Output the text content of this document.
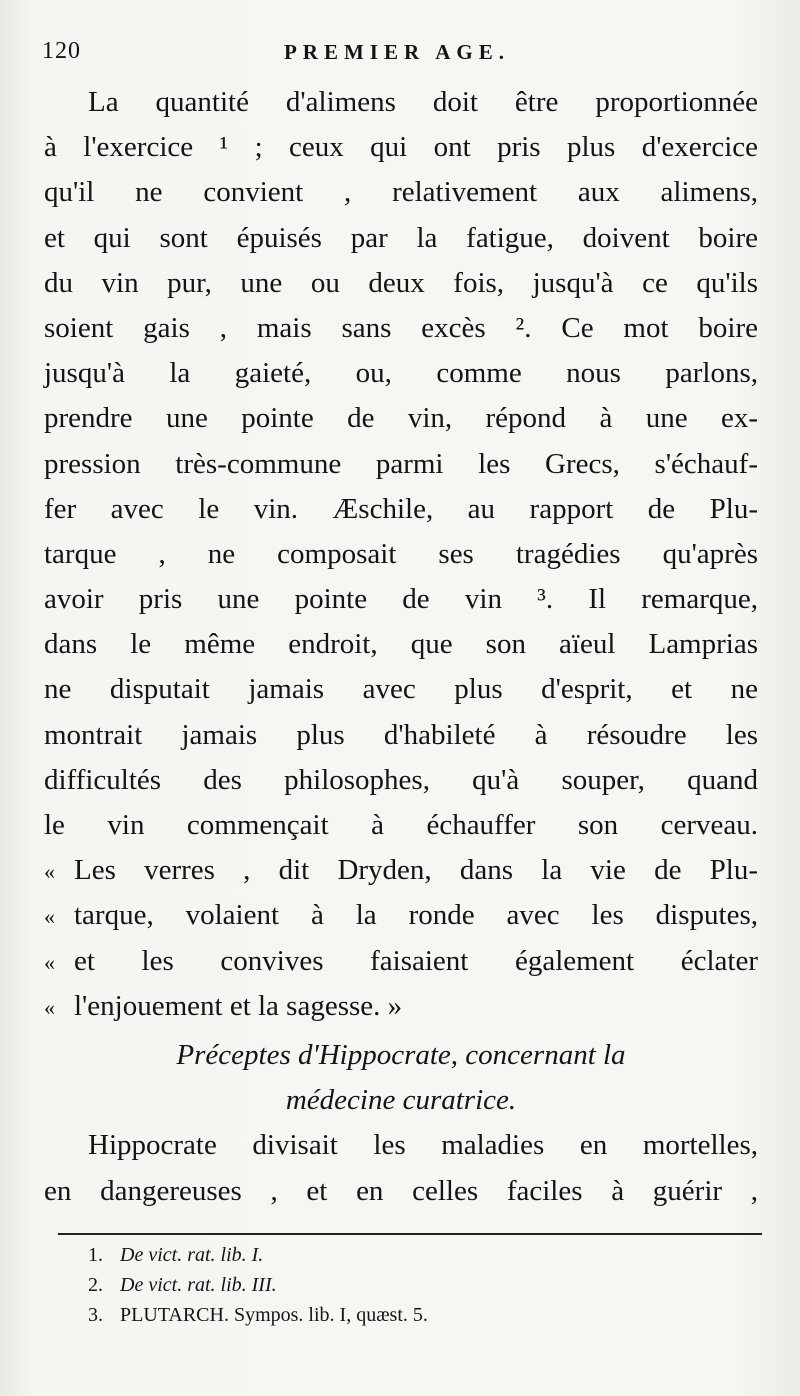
120	PREMIER AGE.
La quantité d'alimens doit être proportionnée
à l'exercice ¹ ; ceux qui ont pris plus d'exercice
qu'il ne convient , relativement aux alimens,
et qui sont épuisés par la fatigue, doivent boire
du vin pur, une ou deux fois, jusqu'à ce qu'ils
soient gais , mais sans excès ². Ce mot boire
jusqu'à la gaieté, ou, comme nous parlons,
prendre une pointe de vin, répond à une ex-
pression très-commune parmi les Grecs, s'échauf-
fer avec le vin. Æschile, au rapport de Plu-
tarque , ne composait ses tragédies qu'après
avoir pris une pointe de vin ³. Il remarque,
dans le même endroit, que son aïeul Lamprias
ne disputait jamais avec plus d'esprit, et ne
montrait jamais plus d'habileté à résoudre les
difficultés des philosophes, qu'à souper, quand
le vin commençait à échauffer son cerveau.
« Les verres , dit Dryden, dans la vie de Plu-
« tarque, volaient à la ronde avec les disputes,
« et les convives faisaient également éclater
« l'enjouement et la sagesse. »
Préceptes d'Hippocrate, concernant la
médecine curatrice.
Hippocrate divisait les maladies en mortelles,
en dangereuses , et en celles faciles à guérir ,
1. De vict. rat. lib. I.
2. De vict. rat. lib. III.
3. PLUTARCH. Sympos. lib. I, quæst. 5.
